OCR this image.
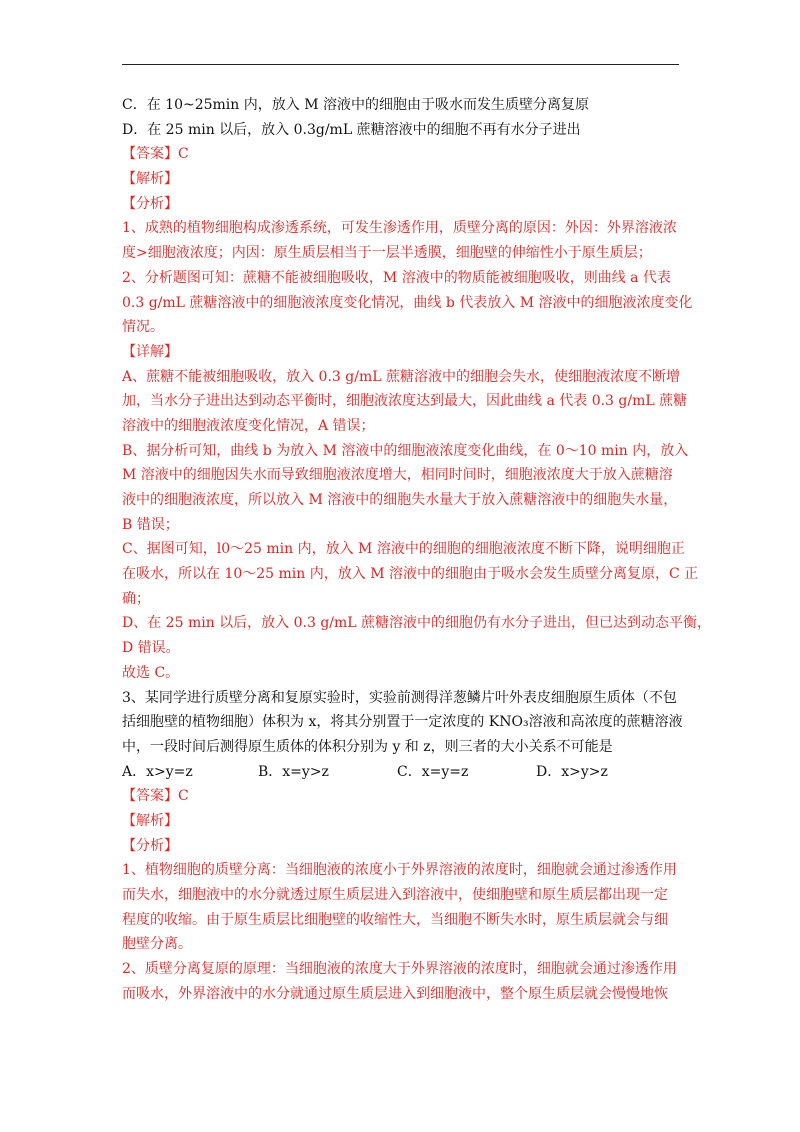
C．在 10~25min 内，放入 M 溶液中的细胞由于吸水而发生质壁分离复原
D．在 25 min 以后，放入 0.3g/mL 蔗糖溶液中的细胞不再有水分子进出
【答案】C
【解析】
【分析】
1、成熟的植物细胞构成渗透系统，可发生渗透作用，质壁分离的原因：外因：外界溶液浓
度>细胞液浓度；内因：原生质层相当于一层半透膜，细胞壁的伸缩性小于原生质层；
2、分析题图可知：蔗糖不能被细胞吸收，M 溶液中的物质能被细胞吸收，则曲线 a 代表
0.3 g/mL 蔗糖溶液中的细胞液浓度变化情况，曲线 b 代表放入 M 溶液中的细胞液浓度变化
情况。
【详解】
A、蔗糖不能被细胞吸收，放入 0.3 g/mL 蔗糖溶液中的细胞会失水，使细胞液浓度不断增
加，当水分子进出达到动态平衡时，细胞液浓度达到最大，因此曲线 a 代表 0.3 g/mL 蔗糖
溶液中的细胞液浓度变化情况，A 错误；
B、据分析可知，曲线 b 为放入 M 溶液中的细胞液浓度变化曲线，在 0～10 min 内，放入
M 溶液中的细胞因失水而导致细胞液浓度增大，相同时间时，细胞液浓度大于放入蔗糖溶
液中的细胞液浓度，所以放入 M 溶液中的细胞失水量大于放入蔗糖溶液中的细胞失水量，
B 错误；
C、据图可知，l0～25 min 内，放入 M 溶液中的细胞的细胞液浓度不断下降，说明细胞正
在吸水，所以在 10～25 min 内，放入 M 溶液中的细胞由于吸水会发生质壁分离复原，C 正
确；
D、在 25 min 以后，放入 0.3 g/mL 蔗糖溶液中的细胞仍有水分子进出，但已达到动态平衡，
D 错误。
故选 C。
3、某同学进行质壁分离和复原实验时，实验前测得洋葱鳞片叶外表皮细胞原生质体（不包
括细胞壁的植物细胞）体积为 x，将其分别置于一定浓度的 KNO₃溶液和高浓度的蔗糖溶液
中，一段时间后测得原生质体的体积分别为 y 和 z，则三者的大小关系不可能是
A．x>y=z	B．x=y>z	C．x=y=z	D．x>y>z
【答案】C
【解析】
【分析】
1、植物细胞的质壁分离：当细胞液的浓度小于外界溶液的浓度时，细胞就会通过渗透作用
而失水，细胞液中的水分就透过原生质层进入到溶液中，使细胞壁和原生质层都出现一定
程度的收缩。由于原生质层比细胞壁的收缩性大，当细胞不断失水时，原生质层就会与细
胞壁分离。
2、质壁分离复原的原理：当细胞液的浓度大于外界溶液的浓度时，细胞就会通过渗透作用
而吸水，外界溶液中的水分就通过原生质层进入到细胞液中，整个原生质层就会慢慢地恢
